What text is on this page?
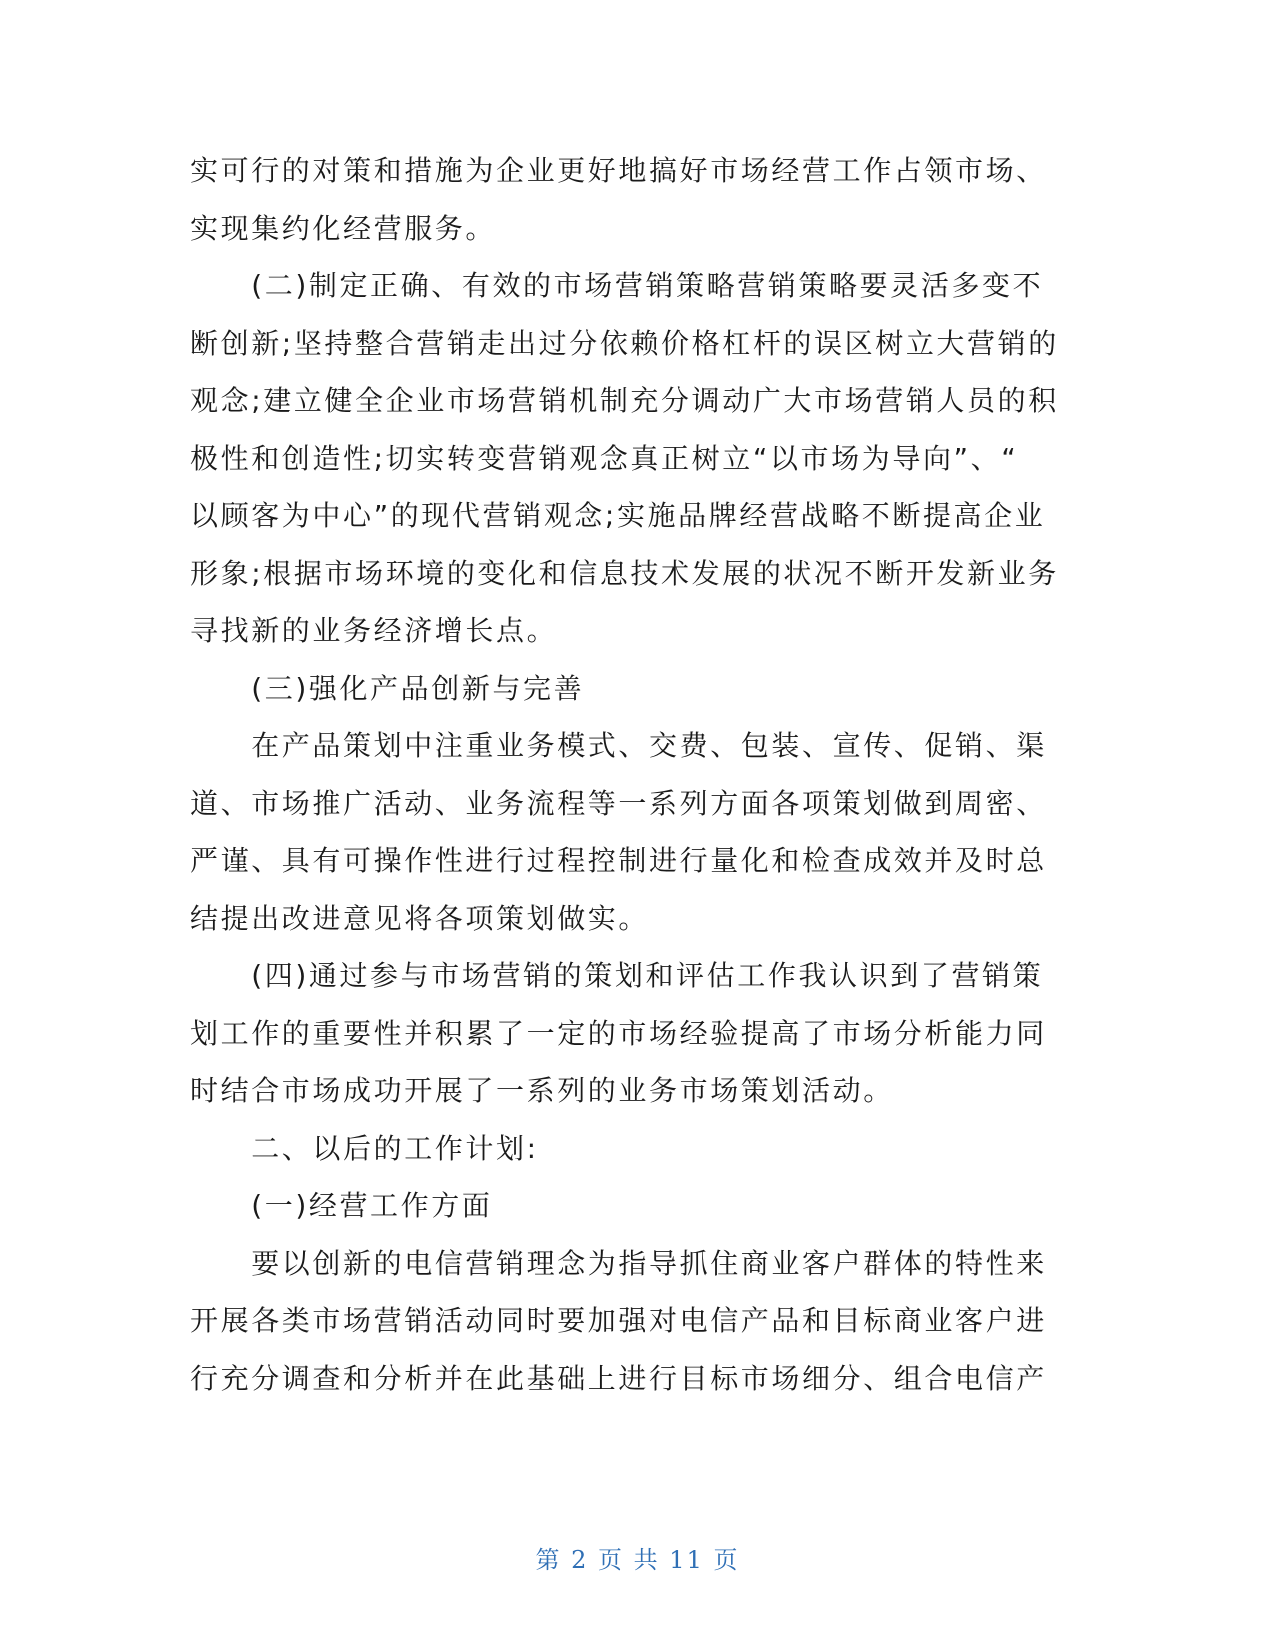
实可行的对策和措施为企业更好地搞好市场经营工作占领市场、
实现集约化经营服务。
　　(二)制定正确、有效的市场营销策略营销策略要灵活多变不
断创新;坚持整合营销走出过分依赖价格杠杆的误区树立大营销的
观念;建立健全企业市场营销机制充分调动广大市场营销人员的积
极性和创造性;切实转变营销观念真正树立“以市场为导向”、“
以顾客为中心”的现代营销观念;实施品牌经营战略不断提高企业
形象;根据市场环境的变化和信息技术发展的状况不断开发新业务
寻找新的业务经济增长点。
　　(三)强化产品创新与完善
　　在产品策划中注重业务模式、交费、包装、宣传、促销、渠
道、市场推广活动、业务流程等一系列方面各项策划做到周密、
严谨、具有可操作性进行过程控制进行量化和检查成效并及时总
结提出改进意见将各项策划做实。
　　(四)通过参与市场营销的策划和评估工作我认识到了营销策
划工作的重要性并积累了一定的市场经验提高了市场分析能力同
时结合市场成功开展了一系列的业务市场策划活动。
　　二、以后的工作计划:
　　(一)经营工作方面
　　要以创新的电信营销理念为指导抓住商业客户群体的特性来
开展各类市场营销活动同时要加强对电信产品和目标商业客户进
行充分调查和分析并在此基础上进行目标市场细分、组合电信产
第 2 页 共 11 页
